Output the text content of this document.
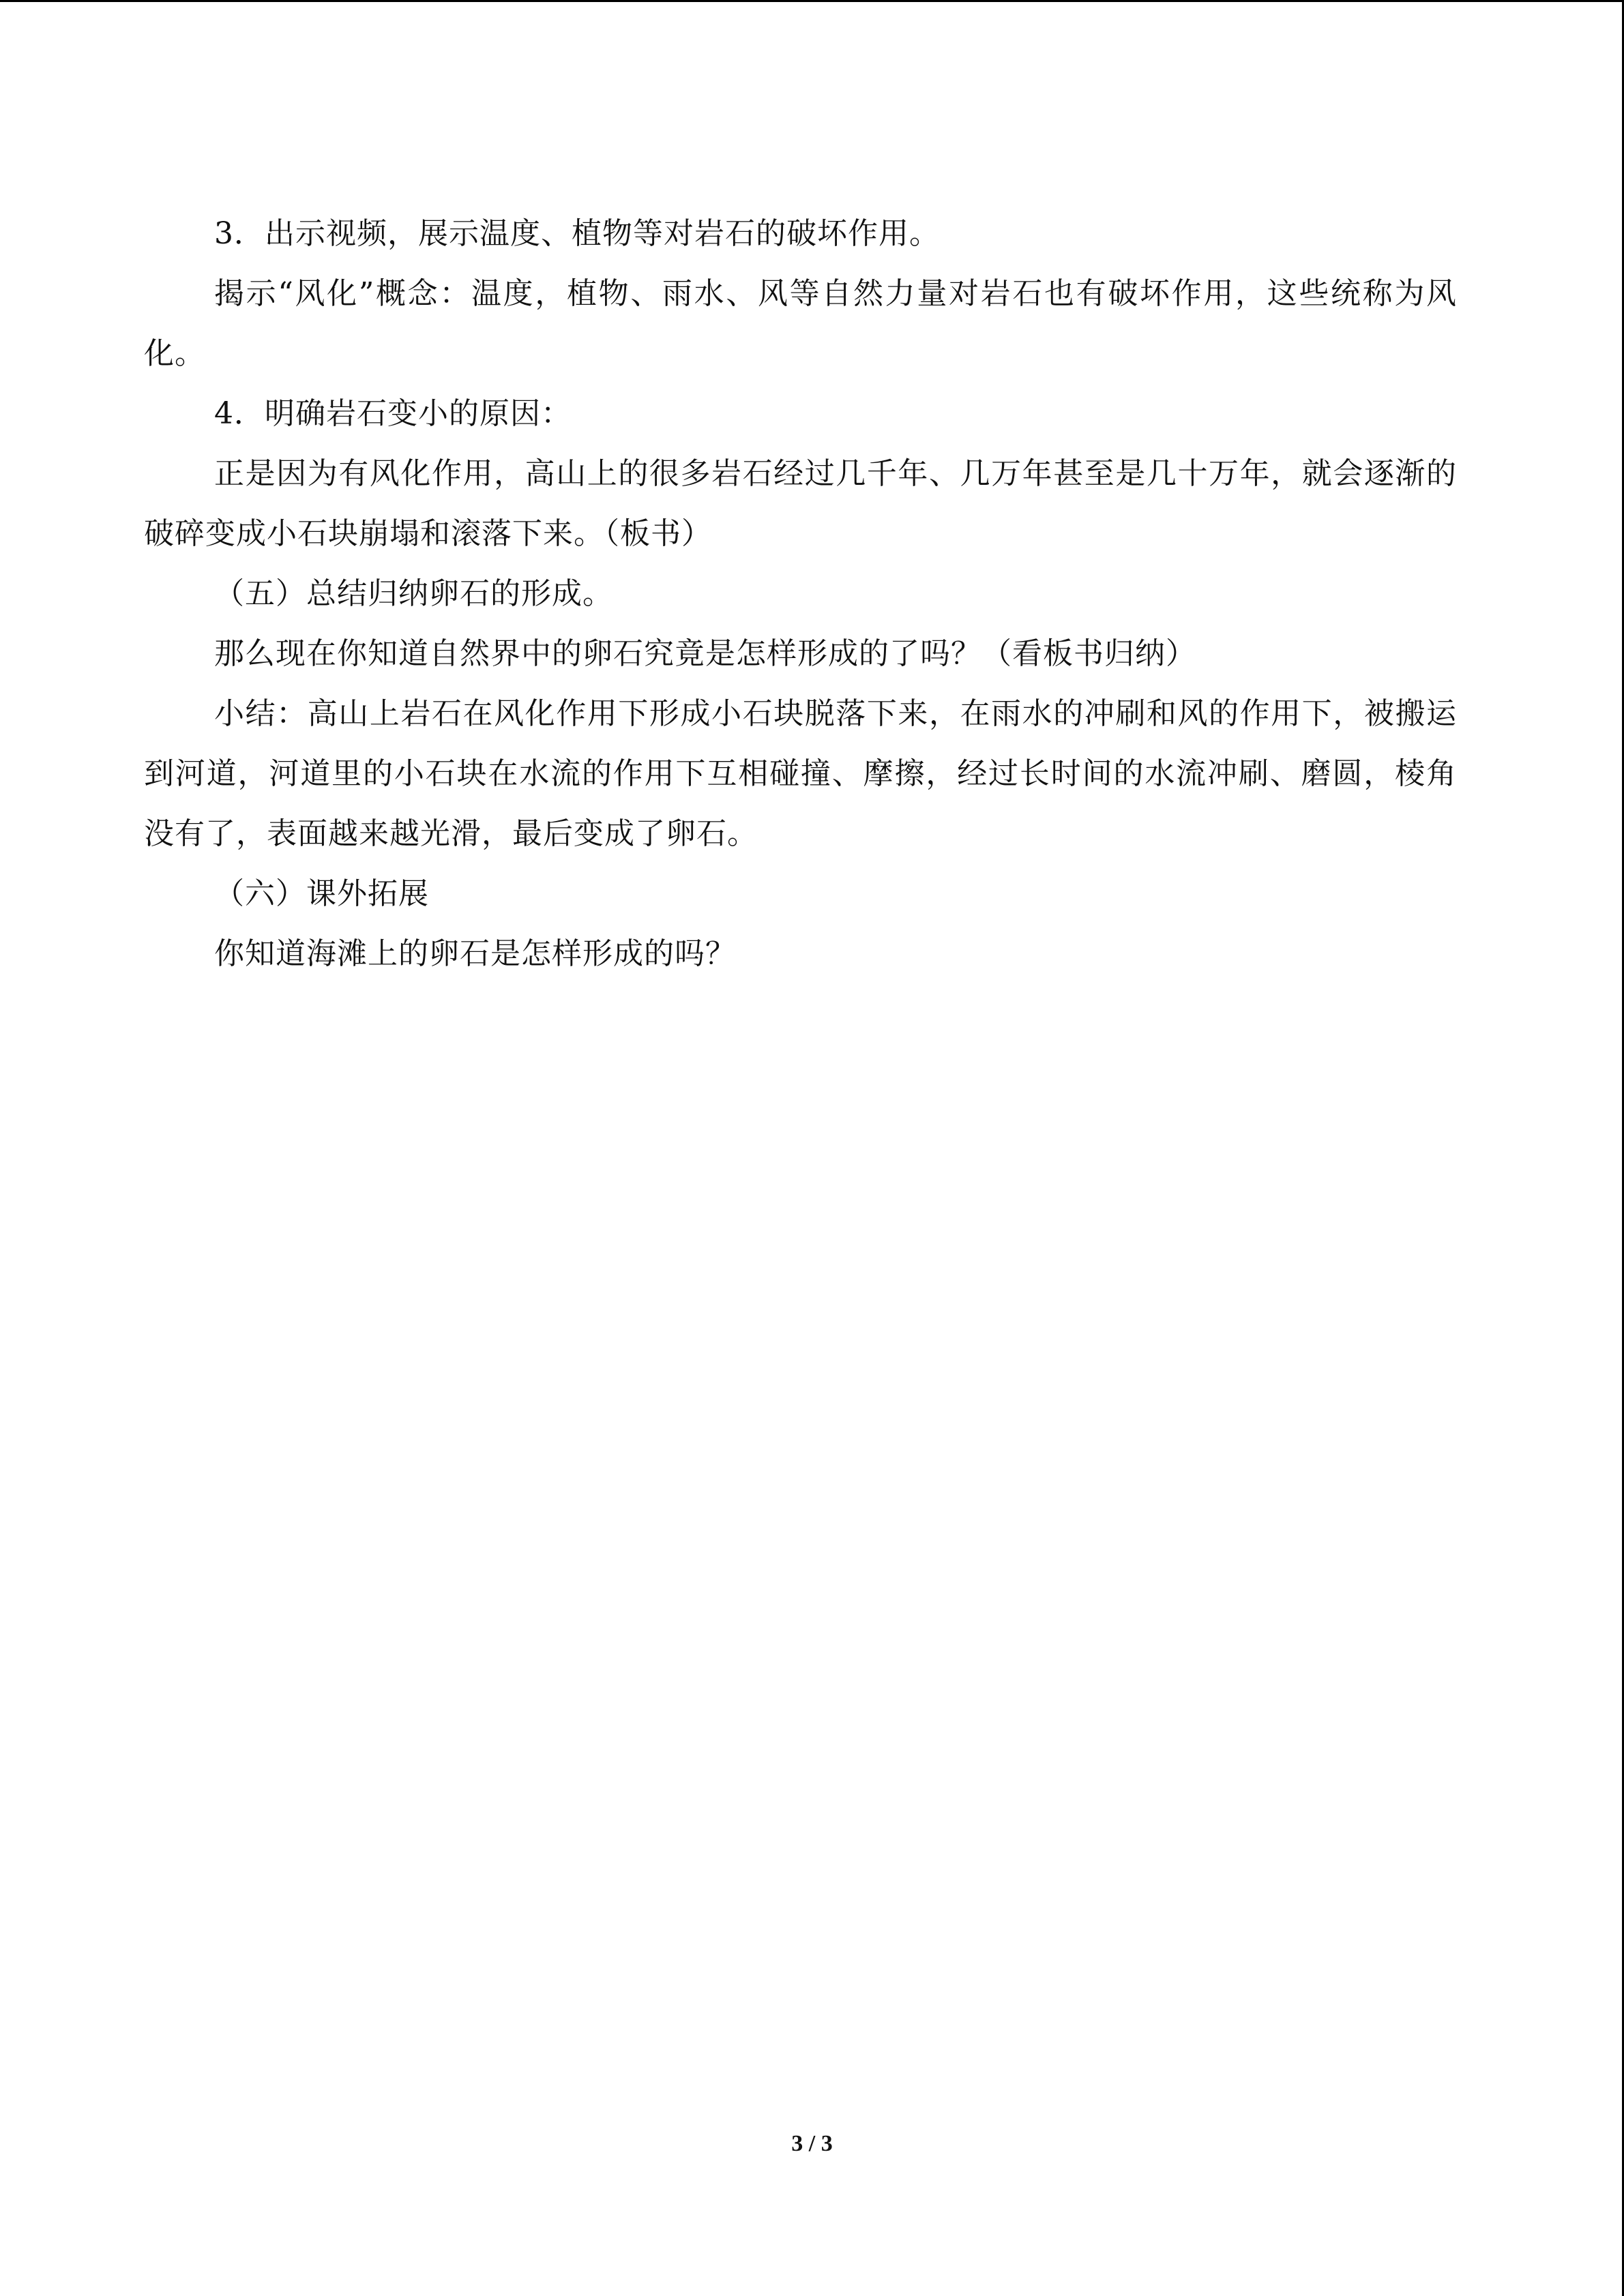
3．出示视频，展示温度、植物等对岩石的破坏作用。

揭示“风化”概念：温度，植物、雨水、风等自然力量对岩石也有破坏作用，这些统称为风化。

4．明确岩石变小的原因：

正是因为有风化作用，高山上的很多岩石经过几千年、几万年甚至是几十万年，就会逐渐的破碎变成小石块崩塌和滚落下来。（板书）

（五）总结归纳卵石的形成。

那么现在你知道自然界中的卵石究竟是怎样形成的了吗？（看板书归纳）

小结：高山上岩石在风化作用下形成小石块脱落下来，在雨水的冲刷和风的作用下，被搬运到河道，河道里的小石块在水流的作用下互相碰撞、摩擦，经过长时间的水流冲刷、磨圆，棱角没有了，表面越来越光滑，最后变成了卵石。

（六）课外拓展

你知道海滩上的卵石是怎样形成的吗？

3 / 3
